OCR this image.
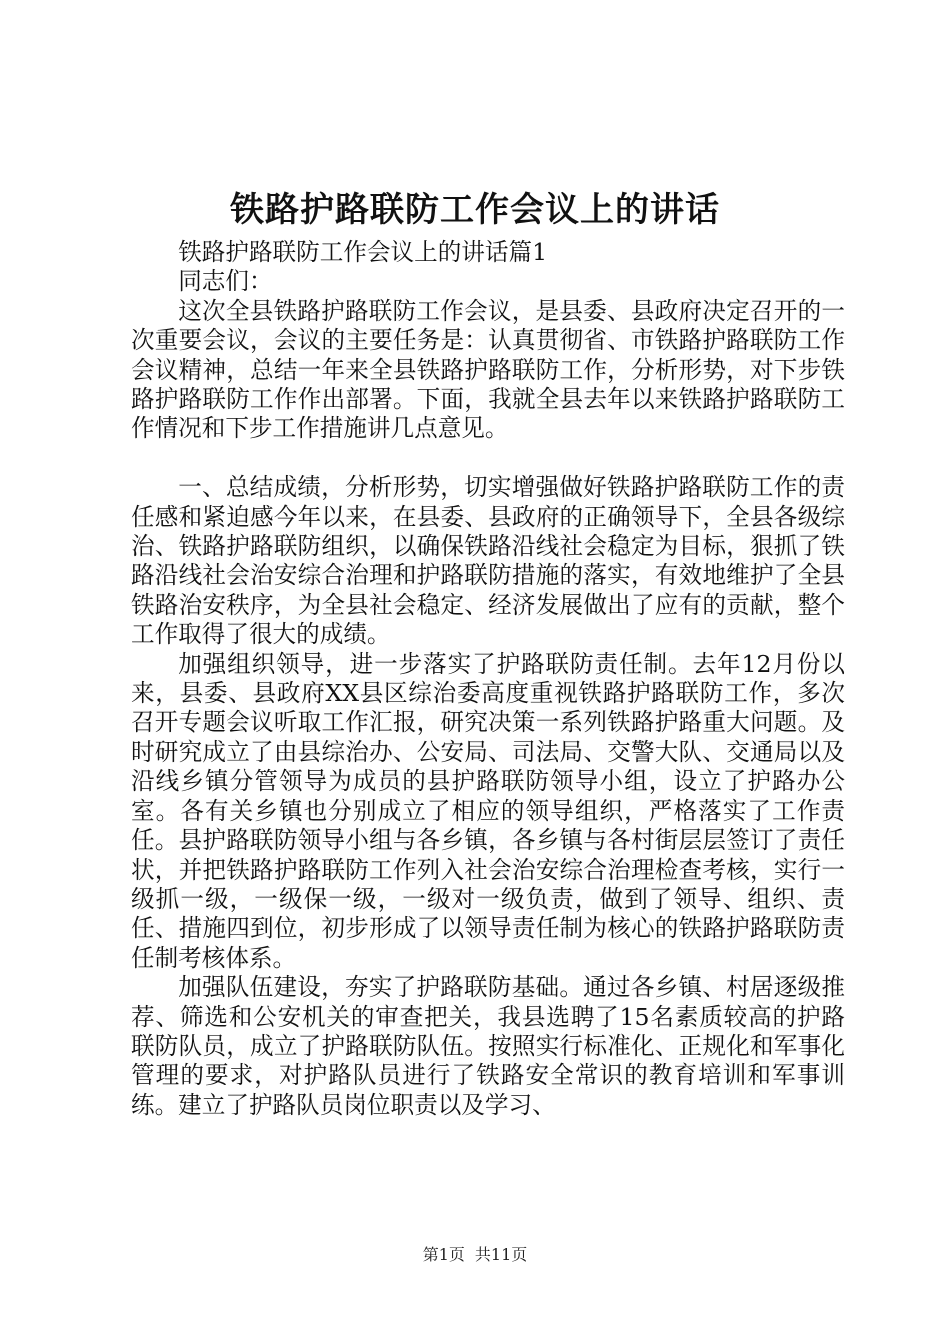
铁路护路联防工作会议上的讲话

铁路护路联防工作会议上的讲话篇1

同志们：

这次全县铁路护路联防工作会议，是县委、县政府决定召开的一次重要会议，会议的主要任务是：认真贯彻省、市铁路护路联防工作会议精神，总结一年来全县铁路护路联防工作，分析形势，对下步铁路护路联防工作作出部署。下面，我就全县去年以来铁路护路联防工作情况和下步工作措施讲几点意见。

一、总结成绩，分析形势，切实增强做好铁路护路联防工作的责任感和紧迫感今年以来，在县委、县政府的正确领导下，全县各级综治、铁路护路联防组织，以确保铁路沿线社会稳定为目标，狠抓了铁路沿线社会治安综合治理和护路联防措施的落实，有效地维护了全县铁路治安秩序，为全县社会稳定、经济发展做出了应有的贡献，整个工作取得了很大的成绩。

加强组织领导，进一步落实了护路联防责任制。去年12月份以来，县委、县政府XX县区综治委高度重视铁路护路联防工作，多次召开专题会议听取工作汇报，研究决策一系列铁路护路重大问题。及时研究成立了由县综治办、公安局、司法局、交警大队、交通局以及沿线乡镇分管领导为成员的县护路联防领导小组，设立了护路办公室。各有关乡镇也分别成立了相应的领导组织，严格落实了工作责任。县护路联防领导小组与各乡镇，各乡镇与各村街层层签订了责任状，并把铁路护路联防工作列入社会治安综合治理检查考核，实行一级抓一级，一级保一级，一级对一级负责，做到了领导、组织、责任、措施四到位，初步形成了以领导责任制为核心的铁路护路联防责任制考核体系。

加强队伍建设，夯实了护路联防基础。通过各乡镇、村居逐级推荐、筛选和公安机关的审查把关，我县选聘了15名素质较高的护路联防队员，成立了护路联防队伍。按照实行标准化、正规化和军事化管理的要求，对护路队员进行了铁路安全常识的教育培训和军事训练。建立了护路队员岗位职责以及学习、

第1页 共11页
